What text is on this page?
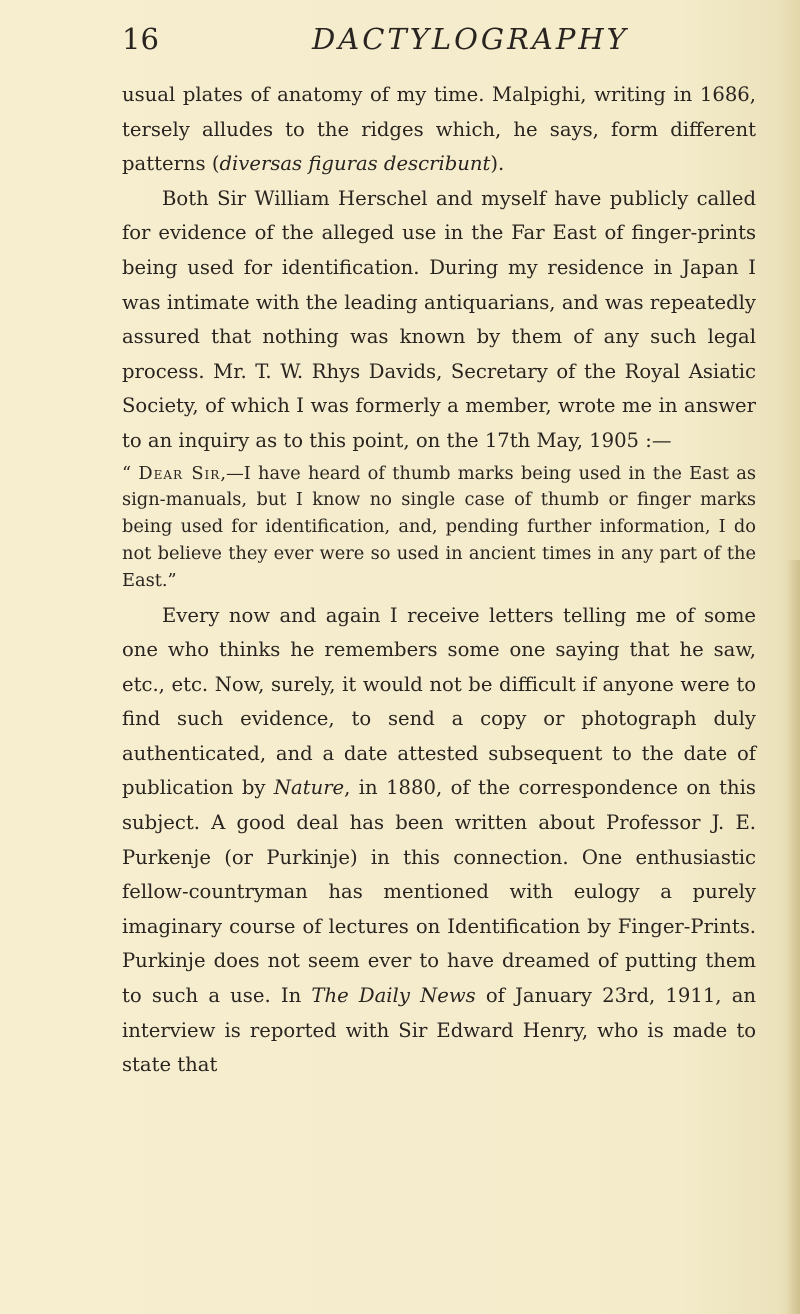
16	DACTYLOGRAPHY

usual plates of anatomy of my time. Malpighi, writing in 1686, tersely alludes to the ridges which, he says, form different patterns (diversas figuras describunt).

Both Sir William Herschel and myself have publicly called for evidence of the alleged use in the Far East of finger-prints being used for identification. During my residence in Japan I was intimate with the leading antiquarians, and was repeatedly assured that nothing was known by them of any such legal process. Mr. T. W. Rhys Davids, Secretary of the Royal Asiatic Society, of which I was formerly a member, wrote me in answer to an inquiry as to this point, on the 17th May, 1905 :—

“ Dear Sir,—I have heard of thumb marks being used in the East as sign-manuals, but I know no single case of thumb or finger marks being used for identification, and, pending further information, I do not believe they ever were so used in ancient times in any part of the East.”

Every now and again I receive letters telling me of some one who thinks he remembers some one saying that he saw, etc., etc. Now, surely, it would not be difficult if anyone were to find such evidence, to send a copy or photograph duly authenticated, and a date attested subsequent to the date of publication by Nature, in 1880, of the correspondence on this subject. A good deal has been written about Professor J. E. Purkenje (or Purkinje) in this connection. One enthusiastic fellow-countryman has mentioned with eulogy a purely imaginary course of lectures on Identification by Finger-Prints. Purkinje does not seem ever to have dreamed of putting them to such a use. In The Daily News of January 23rd, 1911, an interview is reported with Sir Edward Henry, who is made to state that
